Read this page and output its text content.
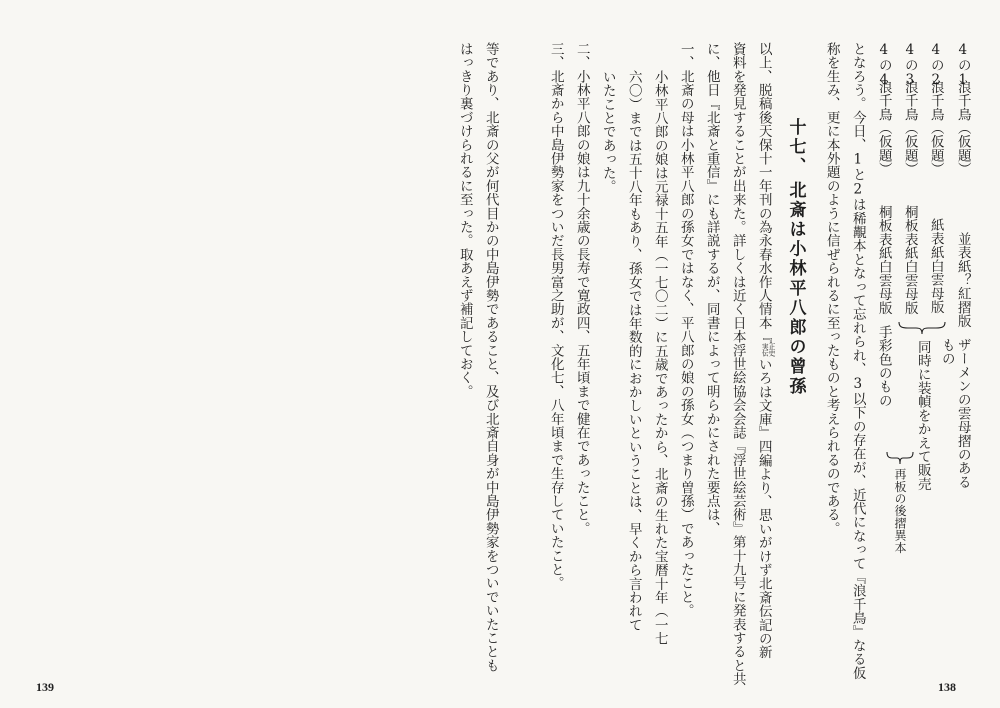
4の1

浪千鳥（仮題）

並表紙？紅摺版

ザーメンの雲母摺のある

もの

4の2

浪千鳥（仮題）

紙表紙白雲母版

4の3

浪千鳥（仮題）

桐板表紙白雲母版

4の4

浪千鳥（仮題）

桐板表紙白雲母版

手彩色のもの 同時に装幀をかえて販売

再板の後摺異本

となろう。今日、1と2は稀覯本となって忘れられ、3以下の存在が、近代になって『浪千鳥』なる仮

称を生み、更に本外題のように信ぜられるに至ったものと考えられるのである。

十七、北斎は小林平八郎の曾孫

以上、脱稿後天保十一年刊の為永春水作人情本『正史実伝いろは文庫』四編より、思いがけず北斎伝記の新

資料を発見することが出来た。詳しくは近く日本浮世絵協会会誌『浮世絵芸術』第十九号に発表すると共

に、他日『北斎と重信』にも詳説するが、同書によって明らかにされた要点は、

一、北斎の母は小林平八郎の孫女ではなく、平八郎の娘の孫女（つまり曽孫）であったこと。

小林平八郎の娘は元禄十五年（一七〇二）に五歳であったから、北斎の生れた宝暦十年（一七

六〇）までは五十八年もあり、孫女では年数的におかしいということは、早くから言われて

いたことであった。

二、小林平八郎の娘は九十余歳の長寿で寛政四、五年頃まで健在であったこと。

三、北斎から中島伊勢家をついだ長男富之助が、文化七、八年頃まで生存していたこと。

138

等であり、北斎の父が何代目かの中島伊勢であること、及び北斎自身が中島伊勢家をついでいたことも

はっきり裏づけられるに至った。取あえず補記しておく。

139
